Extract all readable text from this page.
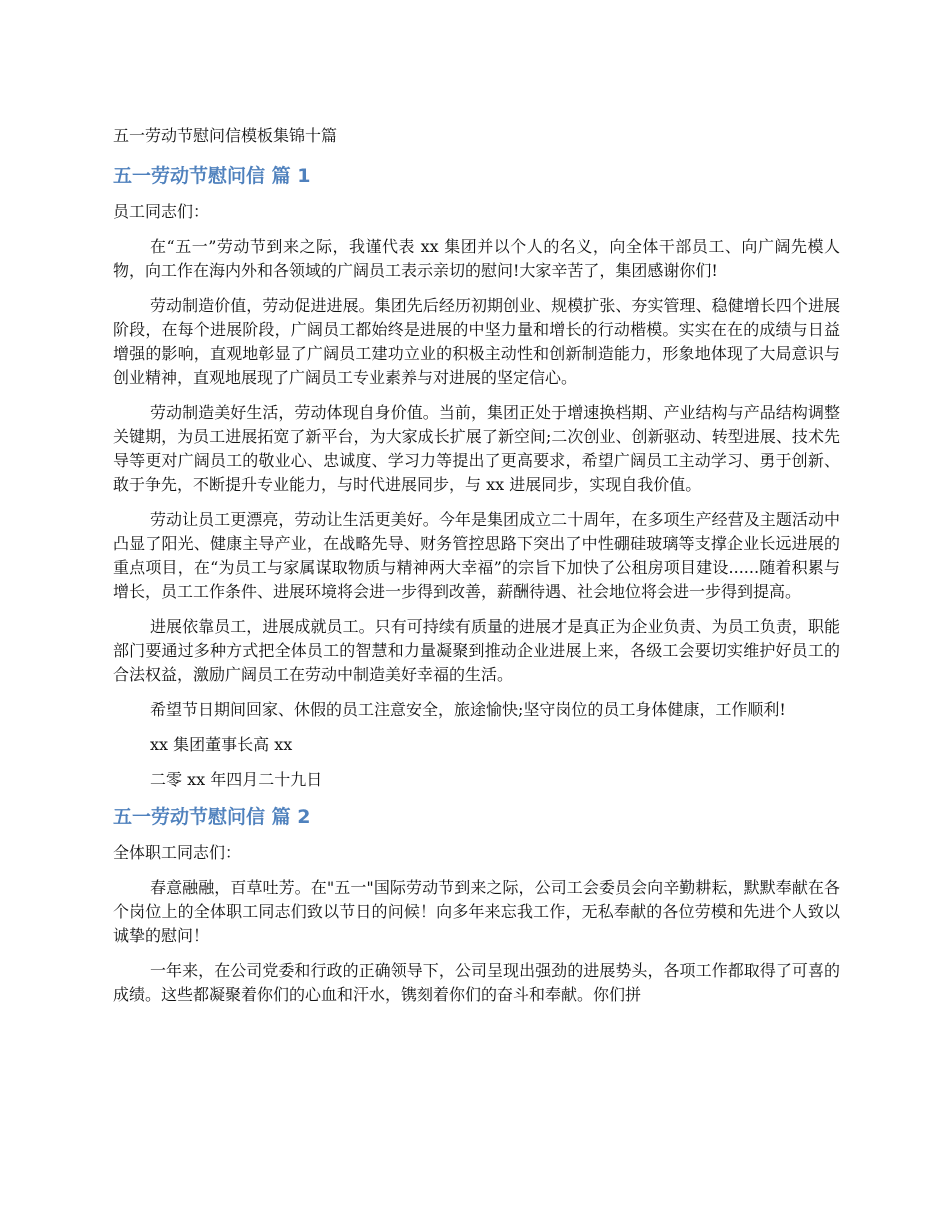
五一劳动节慰问信模板集锦十篇
五一劳动节慰问信 篇 1

员工同志们：

在“五一”劳动节到来之际，我谨代表 xx 集团并以个人的名义，向全体干部员工、向广阔先模人物，向工作在海内外和各领域的广阔员工表示亲切的慰问!大家辛苦了，集团感谢你们!

劳动制造价值，劳动促进进展。集团先后经历初期创业、规模扩张、夯实管理、稳健增长四个进展阶段，在每个进展阶段，广阔员工都始终是进展的中坚力量和增长的行动楷模。实实在在的成绩与日益增强的影响，直观地彰显了广阔员工建功立业的积极主动性和创新制造能力，形象地体现了大局意识与创业精神，直观地展现了广阔员工专业素养与对进展的坚定信心。

劳动制造美好生活，劳动体现自身价值。当前，集团正处于增速换档期、产业结构与产品结构调整关键期，为员工进展拓宽了新平台，为大家成长扩展了新空间;二次创业、创新驱动、转型进展、技术先导等更对广阔员工的敬业心、忠诚度、学习力等提出了更高要求，希望广阔员工主动学习、勇于创新、敢于争先，不断提升专业能力，与时代进展同步，与 xx 进展同步，实现自我价值。

劳动让员工更漂亮，劳动让生活更美好。今年是集团成立二十周年，在多项生产经营及主题活动中凸显了阳光、健康主导产业，在战略先导、财务管控思路下突出了中性硼硅玻璃等支撑企业长远进展的重点项目，在“为员工与家属谋取物质与精神两大幸福”的宗旨下加快了公租房项目建设......随着积累与增长，员工工作条件、进展环境将会进一步得到改善，薪酬待遇、社会地位将会进一步得到提高。

进展依靠员工，进展成就员工。只有可持续有质量的进展才是真正为企业负责、为员工负责，职能部门要通过多种方式把全体员工的智慧和力量凝聚到推动企业进展上来，各级工会要切实维护好员工的合法权益，激励广阔员工在劳动中制造美好幸福的生活。

希望节日期间回家、休假的员工注意安全，旅途愉快;坚守岗位的员工身体健康，工作顺利!

xx 集团董事长高 xx

二零 xx 年四月二十九日

五一劳动节慰问信 篇 2

全体职工同志们：

春意融融，百草吐芳。在"五一"国际劳动节到来之际，公司工会委员会向辛勤耕耘，默默奉献在各个岗位上的全体职工同志们致以节日的问候！向多年来忘我工作，无私奉献的各位劳模和先进个人致以诚挚的慰问！

一年来，在公司党委和行政的正确领导下，公司呈现出强劲的进展势头，各项工作都取得了可喜的成绩。这些都凝聚着你们的心血和汗水，镌刻着你们的奋斗和奉献。你们拼
